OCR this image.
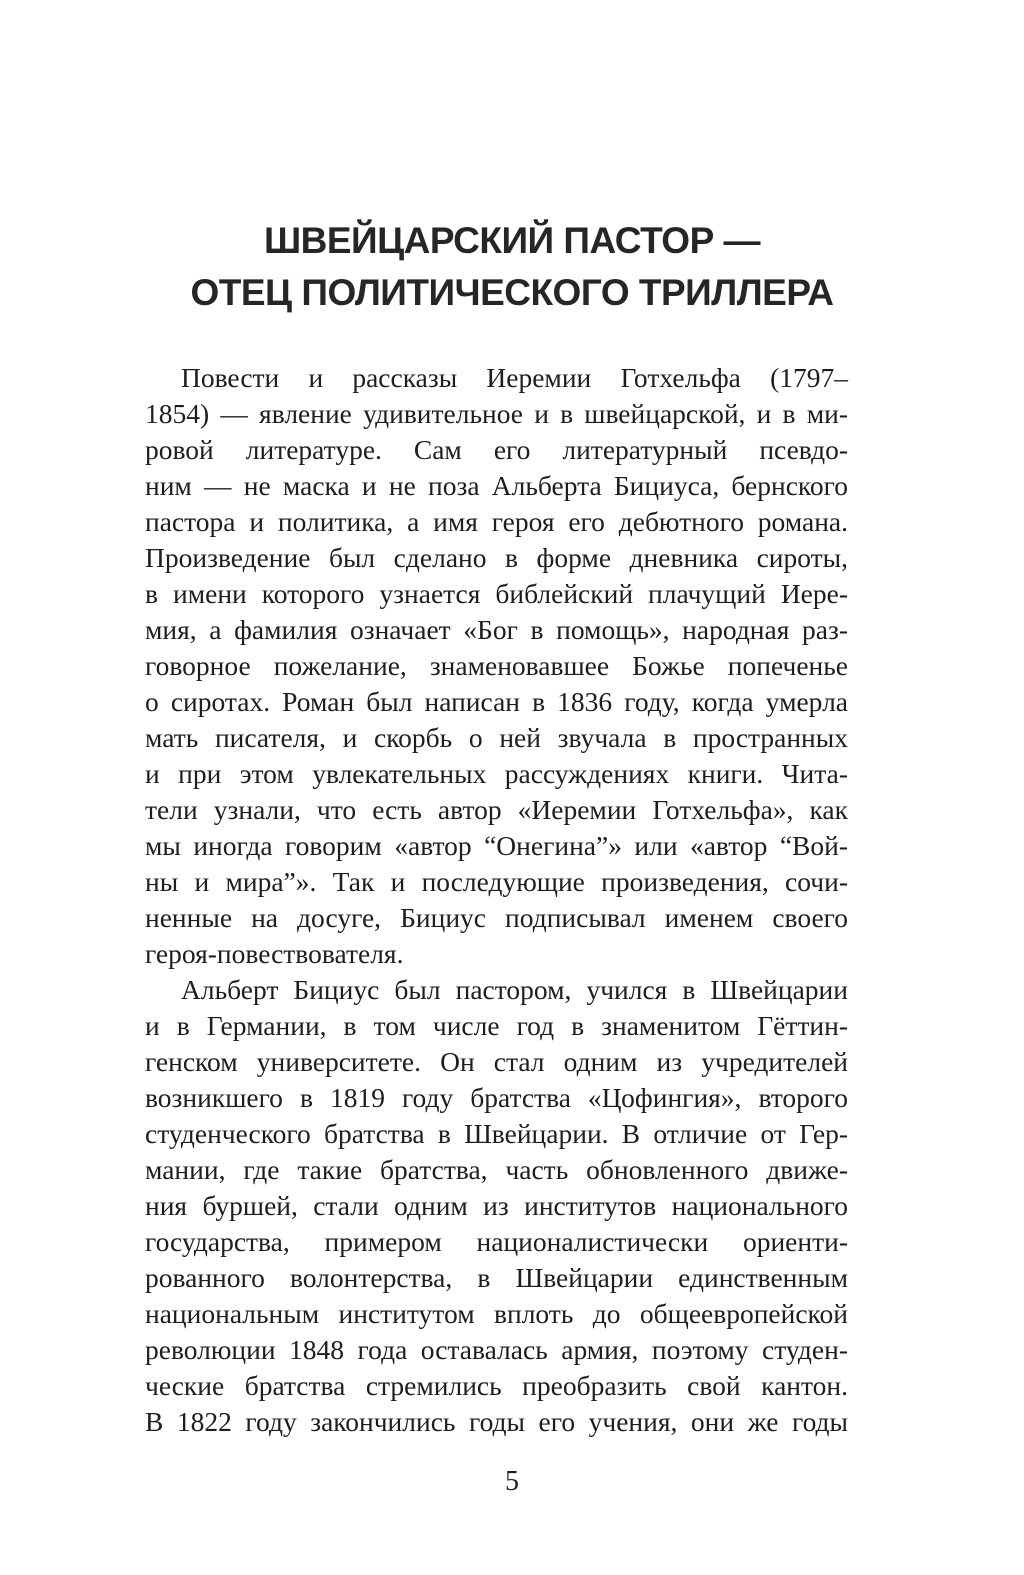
ШВЕЙЦАРСКИЙ ПАСТОР —
ОТЕЦ ПОЛИТИЧЕСКОГО ТРИЛЛЕРА
Повести и рассказы Иеремии Готхельфа (1797–
1854) — явление удивительное и в швейцарской, и в ми-
ровой литературе. Сам его литературный псевдо-
ним — не маска и не поза Альберта Бициуса, бернского
пастора и политика, а имя героя его дебютного романа.
Произведение был сделано в форме дневника сироты,
в имени которого узнается библейский плачущий Иере-
мия, а фамилия означает «Бог в помощь», народная раз-
говорное пожелание, знаменовавшее Божье попеченье
о сиротах. Роман был написан в 1836 году, когда умерла
мать писателя, и скорбь о ней звучала в пространных
и при этом увлекательных рассуждениях книги. Чита-
тели узнали, что есть автор «Иеремии Готхельфа», как
мы иногда говорим «автор “Онегина”» или «автор “Вой-
ны и мира”». Так и последующие произведения, сочи-
ненные на досуге, Бициус подписывал именем своего
героя-повествователя.
Альберт Бициус был пастором, учился в Швейцарии
и в Германии, в том числе год в знаменитом Гёттин-
генском университете. Он стал одним из учредителей
возникшего в 1819 году братства «Цофингия», второго
студенческого братства в Швейцарии. В отличие от Гер-
мании, где такие братства, часть обновленного движе-
ния буршей, стали одним из институтов национального
государства, примером националистически ориенти-
рованного волонтерства, в Швейцарии единственным
национальным институтом вплоть до общеевропейской
революции 1848 года оставалась армия, поэтому студен-
ческие братства стремились преобразить свой кантон.
В 1822 году закончились годы его учения, они же годы

5
